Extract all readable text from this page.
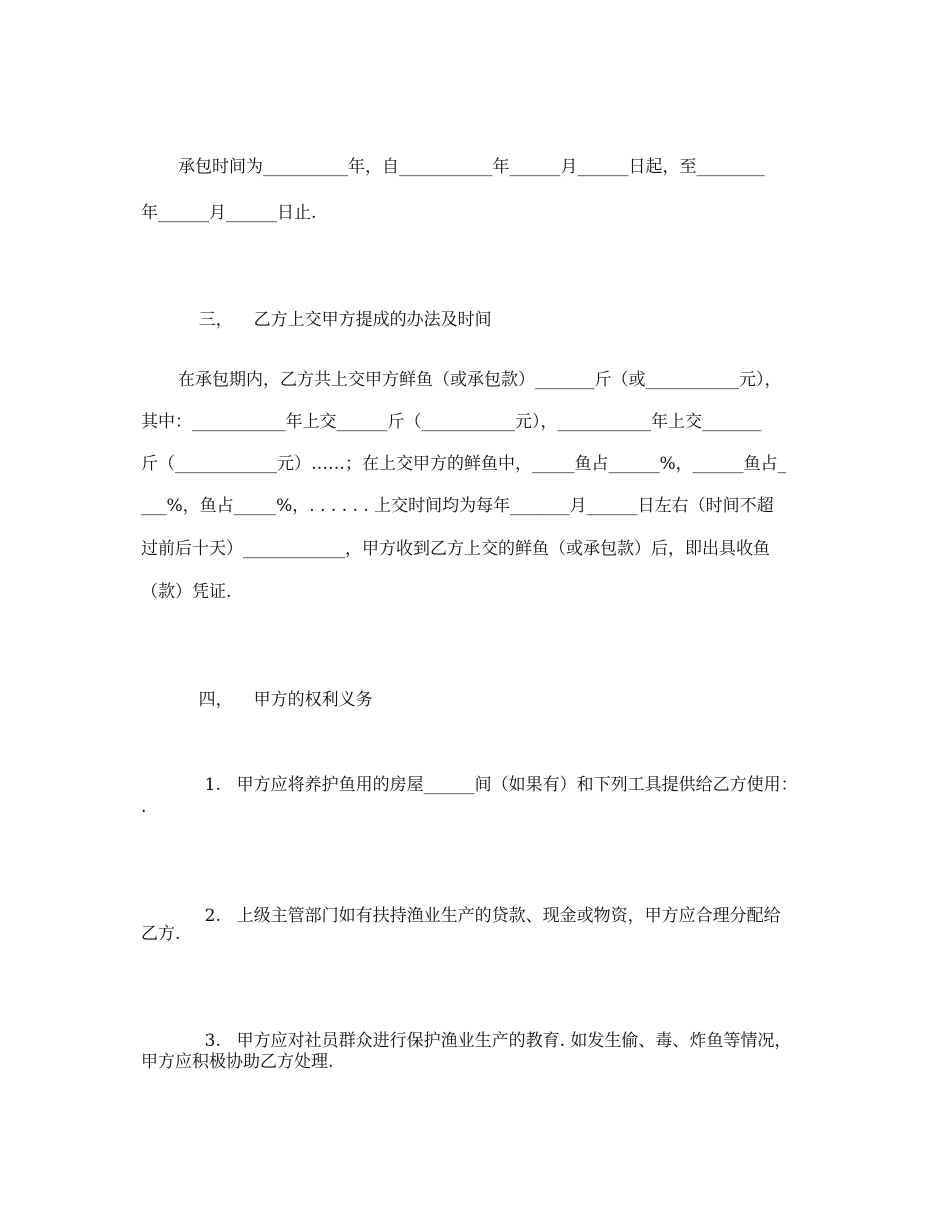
承包时间为__________年，自___________年______月______日起，至________
年______月______日止.

三， 乙方上交甲方提成的办法及时间

在承包期内，乙方共上交甲方鲜鱼（或承包款）_______斤（或___________元），
其中：___________年上交______斤（___________元），___________年上交_______
斤（____________元）……；在上交甲方的鲜鱼中，_____鱼占______%，______鱼占_
___%，鱼占_____%，. . . . . . 上交时间均为每年_______月______日左右（时间不超
过前后十天）____________，甲方收到乙方上交的鲜鱼（或承包款）后，即出具收鱼
（款）凭证.

四， 甲方的权利义务

1. 甲方应将养护鱼用的房屋______间（如果有）和下列工具提供给乙方使用：

.

2. 上级主管部门如有扶持渔业生产的贷款、现金或物资，甲方应合理分配给

乙方.

3. 甲方应对社员群众进行保护渔业生产的教育. 如发生偷、毒、炸鱼等情况，

甲方应积极协助乙方处理.
